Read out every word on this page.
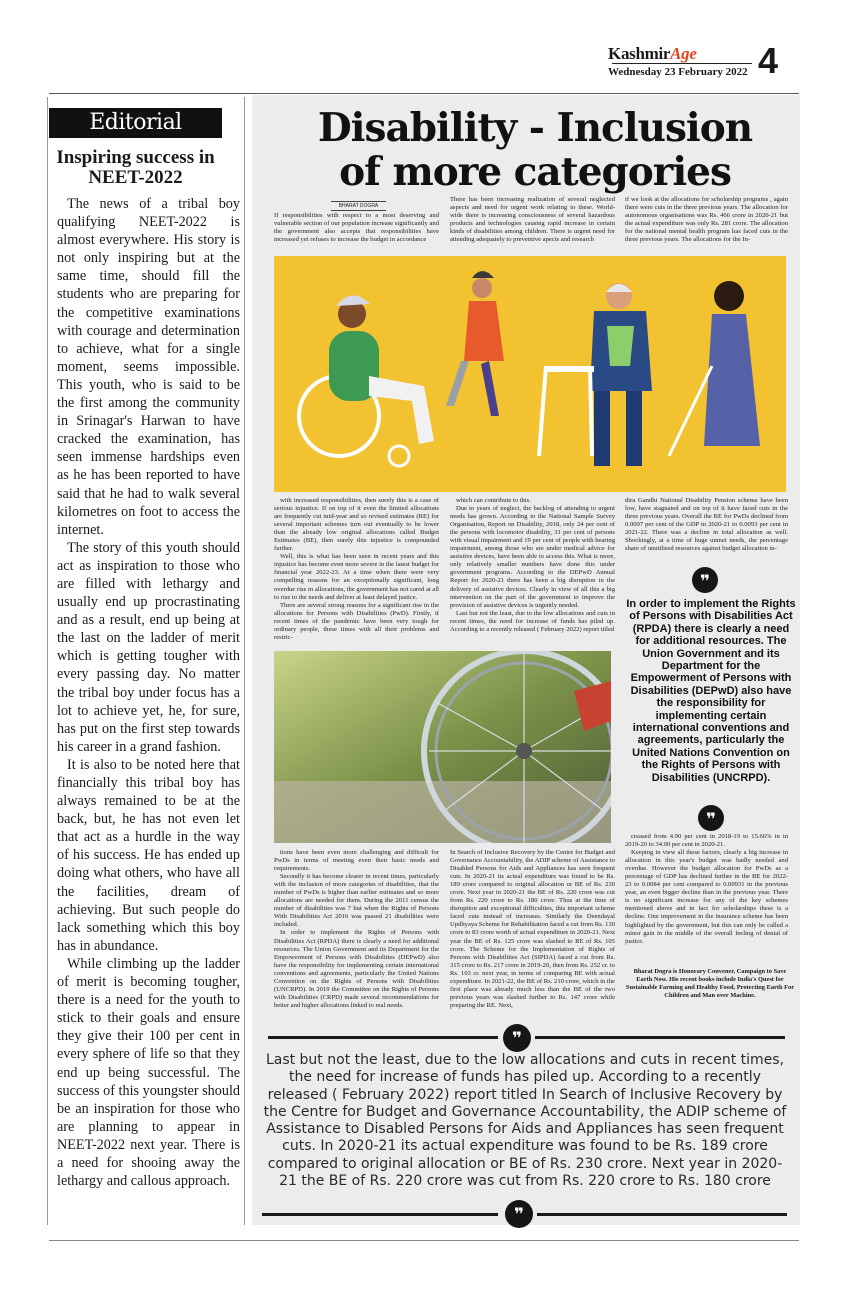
KashmirAge
Wednesday 23 February 2022 4
Editorial
Inspiring success in NEET-2022

The news of a tribal boy qualifying NEET-2022 is almost everywhere. His story is not only inspiring but at the same time, should fill the students who are preparing for the competitive examinations with courage and determination to achieve, what for a single moment, seems impossible. This youth, who is said to be the first among the community in Srinagar's Harwan to have cracked the examination, has seen immense hardships even as he has been reported to have said that he had to walk several kilometres on foot to access the internet.

The story of this youth should act as inspiration to those who are filled with lethargy and usually end up procrastinating and as a result, end up being at the last on the ladder of merit which is getting tougher with every passing day. No matter the tribal boy under focus has a lot to achieve yet, he, for sure, has put on the first step towards his career in a grand fashion.

It is also to be noted here that financially this tribal boy has always remained to be at the back, but, he has not even let that act as a hurdle in the way of his success. He has ended up doing what others, who have all the facilities, dream of achieving. But such people do lack something which this boy has in abundance.

While climbing up the ladder of merit is becoming tougher, there is a need for the youth to stick to their goals and ensure they give their 100 per cent in every sphere of life so that they end up being successful. The success of this youngster should be an inspiration for those who are planning to appear in NEET-2022 next year. There is a need for shooing away the lethargy and callous approach.

Disability - Inclusion
of more categories
BHARAT DOGRA
If responsibilities with respect to a most deserving and vulnerable section of our population increase significantly and the government also accepts that responsibilities have increased yet refuses to increase the budget in accordance
There has been increasing realization of several neglected aspects and need for urgent work relating to these. World-wide there is increasing consciousness of several hazardous products and technologies causing rapid increase in certain kinds of disabilities among children. There is urgent need for attending adequately to preventive apects and research
if we look at the allocations for scholarship programs , again there were cuts in the three previous years. The allocation for autonomous organisations was Rs. 466 crore in 2020-21 but the actual expenditure was only Rs. 281 crore. The allocation for the national mental health program has faced cuts in the three previous years. The allocations for the In-

with increased responsibilities, then surely this is a case of serious injustice. If on top of it even the limited allocations are frequently cut mid-year and so revised estimates (RE) for several important schemes turn out eventually to be lower than the already low original allocations called Budget Estimates (BE), then surely this injustice is compounded further.

Well, this is what has been seen in recent years and this injustice has become even more severe in the latest budget for financial year 2022-23. At a time when there were very compelling reasons for an exceptionally significant, long overdue rise in allocations, the government has not cared at all to rise to the needs and deliver at least delayed justice.

There are several strong reasons for a significant rise in the allocations for Persons with Disabilities (PwD). Firstly, if recent times of the pandemic have been very tough for ordinary people, these times with all their problems and restric-

which can contribute to this.

Due to years of neglect, the backlog of attending to urgent needs has grown. According to the National Sample Survey Organisation, Report on Disability, 2018, only 24 per cent of the persons with locomotor disability, 31 per cent of persons with visual impairment and 19 per cent of people with hearing impairment, among those who are under medical advice for assistive devices, have been able to access this. What is more, only relatively smaller numbers have done this under government programs. According to the DEPwD Annual Report for 2020-21 there has been a big disruption in the delivery of assistive devices. Clearly in view of all this a big intervention on the part of the government to improve the provision of assistive devices is urgently needed.

Last but not the least, due to the low allocations and cuts in recent times, the need for increase of funds has piled up. According to a recently released ( February 2022) report titled

dira Gandhi National Disability Pension scheme have been low, have stagnated and on top of it have faced cuts in the three previous years. Overall the BE for PwDs declined from 0.0097 per cent of the GDP in 2020-21 to 0.0093 per cent in 2021-22. There was a decline in total allocation as well. Shockingly, at a time of huge unmet needs, the percentage share of unutilised resources against budget allocation in-
❞
In order to implement the Rights of Persons with Disabilities Act (RPDA) there is clearly a need for additional resources. The Union Government and its Department for the Empowerment of Persons with Disabilities (DEPwD) also have the responsibility for implementing certain international conventions and agreements, particularly the United Nations Convention on the Rights of Persons with Disabilities (UNCRPD).
❞

tions have been even more challenging and difficult for PwDs in terms of meeting even their basic needs and requirements.

Secondly it has become clearer in recent times, particularly with the inclusion of more categories of disabilities, that the number of PwDs is higher than earlier estimates and so more allocations are needed for them. During the 2011 census the number of disabilities was 7 but when the Rights of Persons With Disabilities Act 2016 was passed 21 disabilities were included.

In order to implement the Rights of Persons with Disabilities Act (RPDA) there is clearly a need for additional resources. The Union Government and its Department for the Empowerment of Persons with Disabilities (DEPwD) also have the responsibility for implementing certain international conventions and agreements, particularly the United Nations Convention on the Rights of Persons with Disabilities (UNCRPD). In 2019 the Committee on the Rights of Persons with Disabilities (CRPD) made several recommendations for better and higher allocations linked to real needs.

In Search of Inclusive Recovery by the Centre for Budget and Governance Accountability, the ADIP scheme of Assistance to Disabled Persons for Aids and Appliances has seen frequent cuts. In 2020-21 its actual expenditure was found to be Rs. 189 crore compared to original allocation or BE of Rs. 230 crore. Next year in 2020-21 the BE of Rs. 220 crore was cut from Rs. 220 crore to Rs. 180 crore. Thus at the time of disruption and exceptional difficulties, this important scheme faced cuts instead of increases. Similarly the Deendayal Updhyaya Scheme for Rehabilitation faced a cut from Rs. 130 crore to 83 crore worth of actual expenditure in 2020-21. Next year the BE of Rs. 125 crore was slashed to RE of Rs. 105 crore. The Scheme for the Implementation of Rights of Persons with Disabilities Act (SIPDA) faced a cut from Rs. 315 crore to Rs. 217 crore in 2019-20, then from Rs. 252 cr. to Rs. 103 cr. next year, in terms of comparing BE with actual expenditure. In 2021-22, the BE of Rs. 210 crore, which in the first place was already much less than the BE of the two previous years was slashed further to Rs. 147 crore while preparing the RE. Next,

creased from 4.90 per cent in 2018-19 to 15.66% in in 2019-20 to 34.90 per cent in 2020-21.

Keeping in view all these factors, clearly a big increase in allocation in this year's budget was badly needed and overdue. However the budget allocation for PwDs as a percentage of GDP has declined further in the BE for 2022-23 to 0.0084 per cent compared to 0.00931 in the previous year, an even bigger decline than in the previous year. There is no significant increase for any of the key schemes mentioned above and in fact for scholarships these is a decline. One improvement in the insurance scheme has been highlighted by the government, but this can only be called a minor gain in the middle of the overall feeling of denial of justice.

Bharat Dogra is Honorary Convener, Campaign to Save Earth Now. His recent books include India's Quest for Sustainable Farming and Healthy Food, Protecting Earth For Children and Man over Machine.
❞
Last but not the least, due to the low allocations and cuts in recent times, the need for increase of funds has piled up. According to a recently released ( February 2022) report titled In Search of Inclusive Recovery by the Centre for Budget and Governance Accountability, the ADIP scheme of Assistance to Disabled Persons for Aids and Appliances has seen frequent cuts. In 2020-21 its actual expenditure was found to be Rs. 189 crore compared to original allocation or BE of Rs. 230 crore. Next year in 2020-21 the BE of Rs. 220 crore was cut from Rs. 220 crore to Rs. 180 crore
❞
